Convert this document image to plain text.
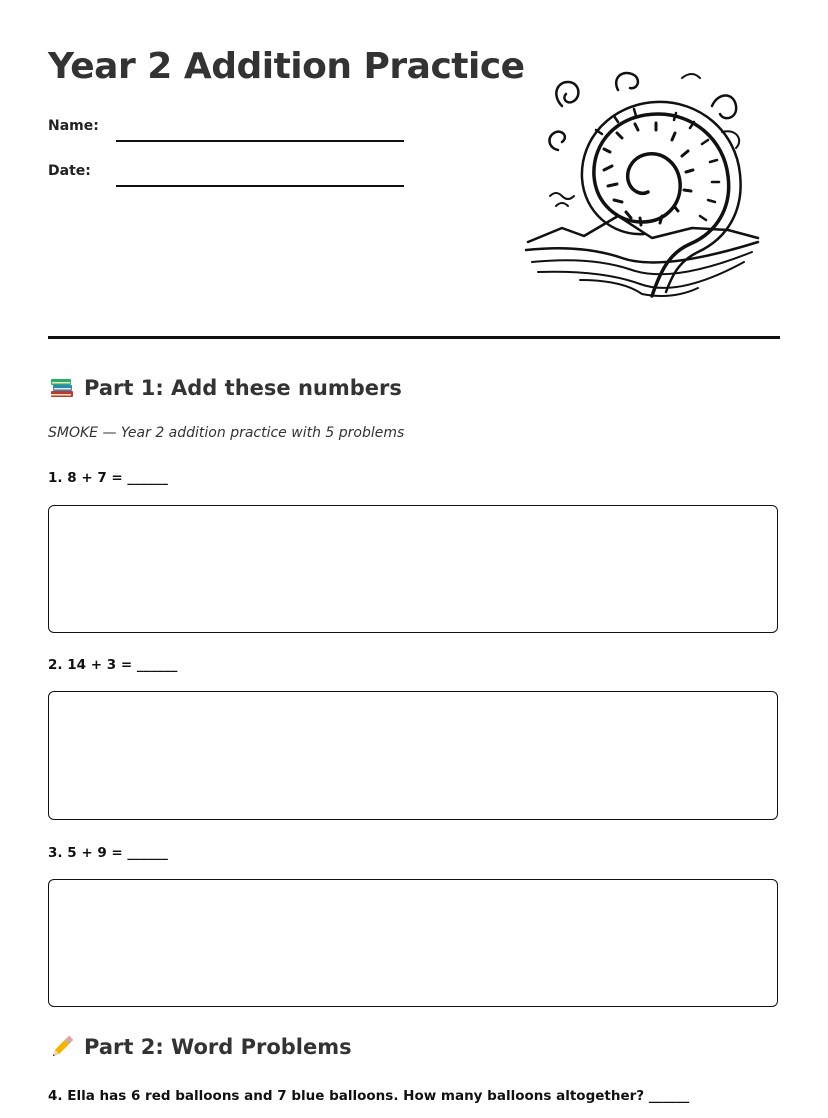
Year 2 Addition Practice
Name:
Date:
Part 1: Add these numbers

SMOKE — Year 2 addition practice with 5 problems

1. 8 + 7 = ______

2. 14 + 3 = ______

3. 5 + 9 = ______

Part 2: Word Problems

4. Ella has 6 red balloons and 7 blue balloons. How many balloons altogether? ______
